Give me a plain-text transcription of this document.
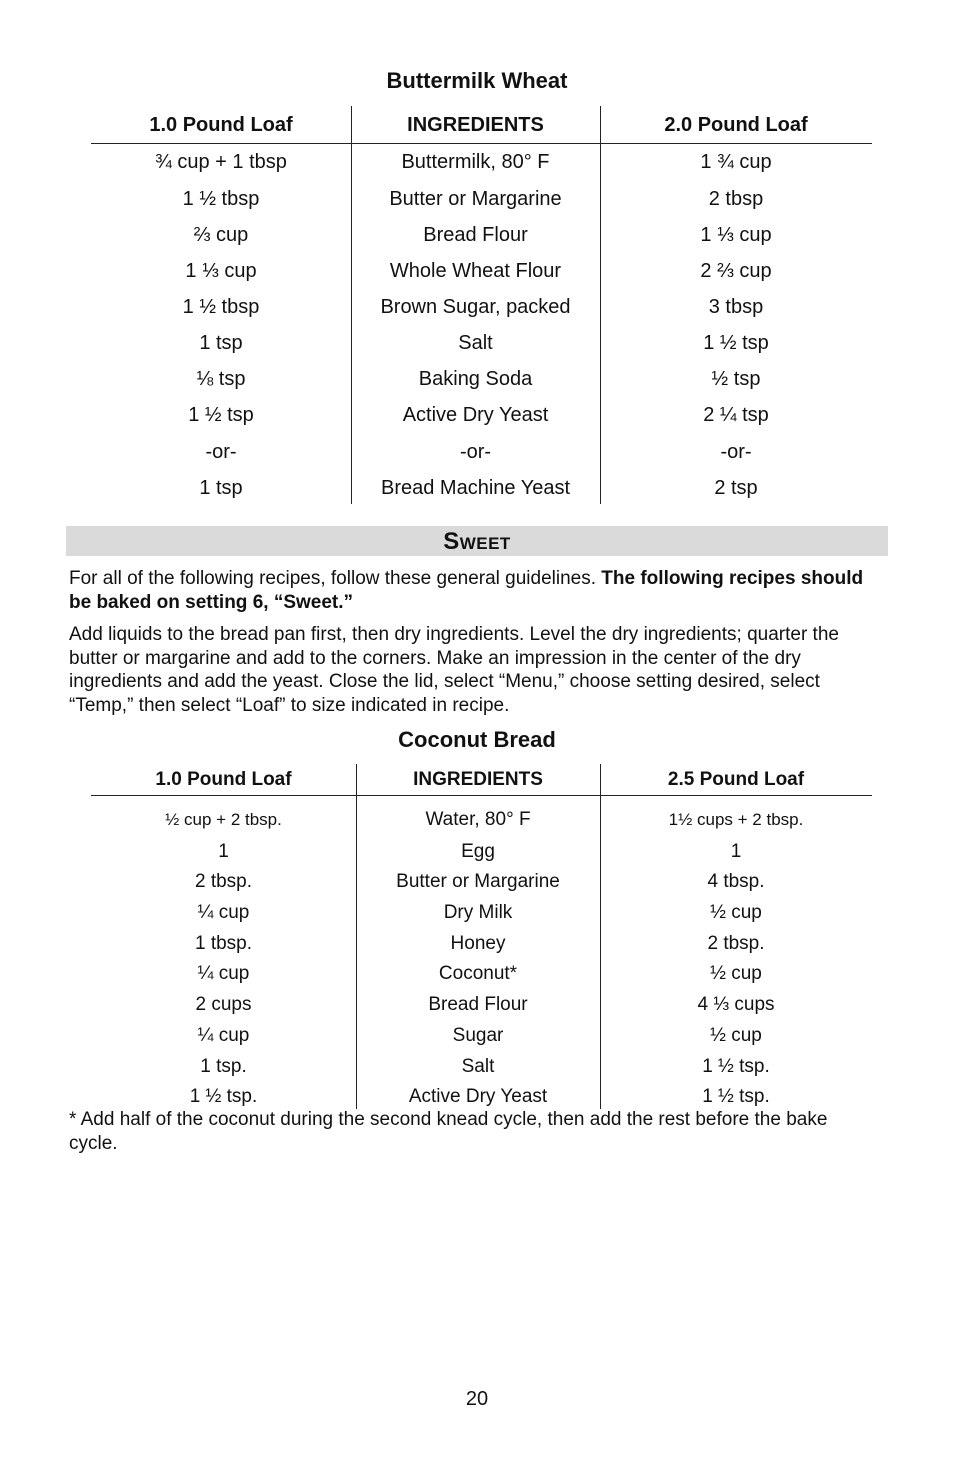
Buttermilk Wheat
1.0 Pound Loaf	INGREDIENTS	2.0 Pound Loaf
¾ cup + 1 tbsp	Buttermilk, 80° F	1 ¾ cup
1 ½ tbsp	Butter or Margarine	2 tbsp
⅔ cup	Bread Flour	1 ⅓ cup
1 ⅓ cup	Whole Wheat Flour	2 ⅔ cup
1 ½ tbsp	Brown Sugar, packed	3 tbsp
1 tsp	Salt	1 ½ tsp
⅛ tsp	Baking Soda	½ tsp
1 ½ tsp	Active Dry Yeast	2 ¼ tsp
-or-	-or-	-or-
1 tsp	Bread Machine Yeast	2 tsp
Sweet

For all of the following recipes, follow these general guidelines. The following recipes should be baked on setting 6, “Sweet.”

Add liquids to the bread pan first, then dry ingredients. Level the dry ingredients; quarter the butter or margarine and add to the corners. Make an impression in the center of the dry ingredients and add the yeast. Close the lid, select “Menu,” choose setting desired, select “Temp,” then select “Loaf” to size indicated in recipe.

Coconut Bread
1.0 Pound Loaf	INGREDIENTS	2.5 Pound Loaf
½ cup + 2 tbsp.	Water, 80° F	1½ cups + 2 tbsp.
1	Egg	1
2 tbsp.	Butter or Margarine	4 tbsp.
¼ cup	Dry Milk	½ cup
1 tbsp.	Honey	2 tbsp.
¼ cup	Coconut*	½ cup
2 cups	Bread Flour	4 ⅓ cups
¼ cup	Sugar	½ cup
1 tsp.	Salt	1 ½ tsp.
1 ½ tsp.	Active Dry Yeast	1 ½ tsp.

* Add half of the coconut during the second knead cycle, then add the rest before the bake cycle.

20
